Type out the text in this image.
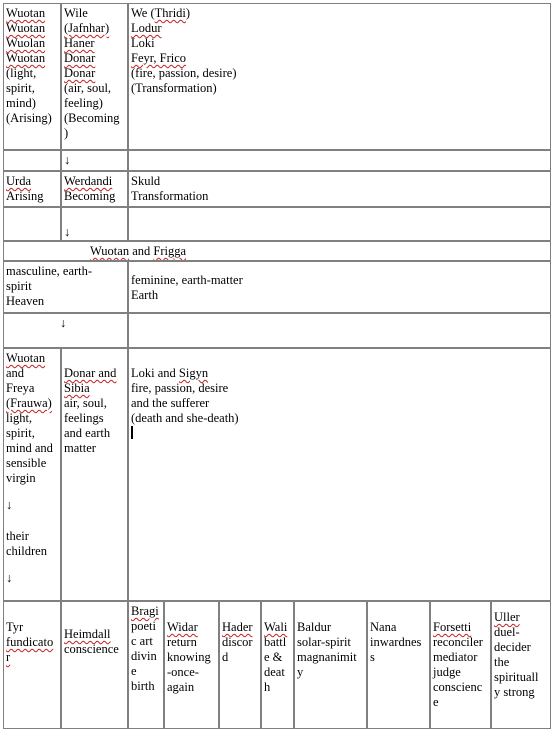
Wuotan
Wuotan
Wuolan
Wuotan
(light,
spirit,
mind)
(Arising)
Wile
(Jafnhar)
Haner
Donar
Donar
(air, soul,
feeling)
(Becoming
)
We (Thridi)
Lodur
Loki
Feyr, Frico
(fire, passion, desire)
(Transformation)
↓
Urda
Arising
Werdandi
Becoming
Skuld
Transformation
↓
Wuotan and Frigga
masculine, earth-
spirit
Heaven
feminine, earth-matter
Earth
↓
Wuotan
and
Freya
(Frauwa)
light,
spirit,
mind and
sensible
virgin
↓
their
children
↓
Donar and
Sibia
air, soul,
feelings
and earth
matter
Loki and Sigyn
fire, passion, desire
and the sufferer
(death and she-death)
Tyr
fundicato
r
Heimdall
conscience
Bragi
poeti
c art
divin
e
birth
Widar
return
knowing
-once-
again
Hader
discor
d
Wali
battl
e &
deat
h
Baldur
solar-spirit
magnanimit
y
Nana
inwardnes
s
Forsetti
reconciler
mediator
judge
conscienc
e
Uller
duel-
decider
the
spirituall
y strong
